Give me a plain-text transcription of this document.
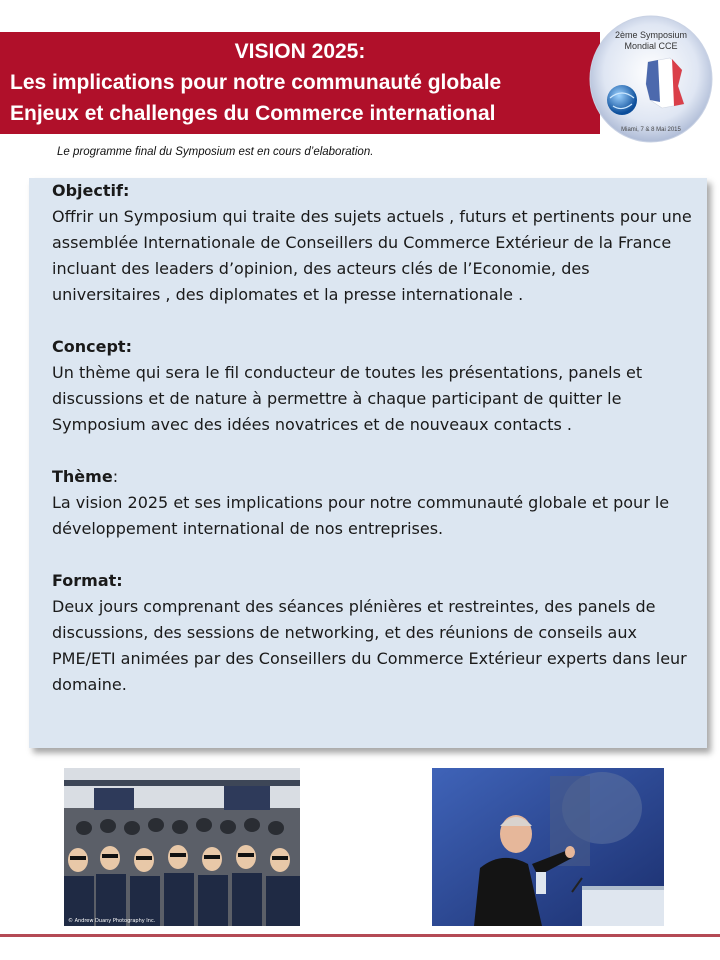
VISION 2025:
Les implications pour notre communauté globale
Enjeux et challenges du Commerce international
2ème Symposium
Mondial CCE
Miami, 7 & 8 Mai 2015
Le programme final du Symposium est en cours d’elaboration.
Objectif:
Offrir un Symposium qui traite des sujets actuels , futurs et pertinents pour une assemblée Internationale de Conseillers du Commerce Extérieur de la France incluant des leaders d’opinion, des acteurs clés de l’Economie, des universitaires , des diplomates et la presse internationale .
Concept:
Un thème qui sera le fil conducteur de toutes les présentations, panels et discussions et de nature à permettre à chaque participant de quitter le Symposium avec des idées novatrices et de nouveaux contacts .
Thème:
La vision 2025 et ses implications pour notre communauté globale et pour le développement international de nos entreprises.
Format:
Deux jours comprenant des séances plénières et restreintes, des panels de discussions, des sessions de networking, et des réunions de conseils aux PME/ETI animées par des Conseillers du Commerce Extérieur experts dans leur domaine.
© Andrew Duany Photography Inc.
